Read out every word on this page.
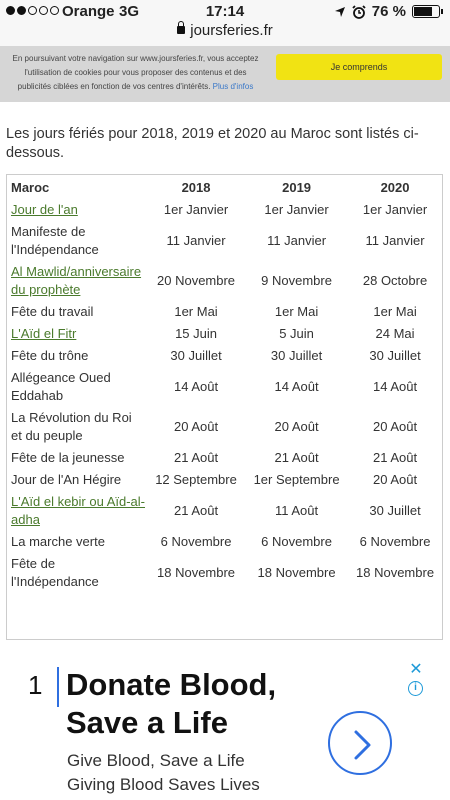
Orange 3G	17:14	76 %
joursferies.fr
En poursuivant votre navigation sur www.joursferies.fr, vous acceptez l'utilisation de cookies pour vous proposer des contenus et des publicités ciblées en fonction de vos centres d'intérêts. Plus d'infos
Je comprends

Les jours fériés pour 2018, 2019 et 2020 au Maroc sont listés ci-dessous.

Maroc	2018	2019	2020
Jour de l'an	1er Janvier	1er Janvier	1er Janvier
Manifeste de l'Indépendance	11 Janvier	11 Janvier	11 Janvier
Al Mawlid/anniversaire du prophète	20 Novembre	9 Novembre	28 Octobre
Fête du travail	1er Mai	1er Mai	1er Mai
L'Aïd el Fitr	15 Juin	5 Juin	24 Mai
Fête du trône	30 Juillet	30 Juillet	30 Juillet
Allégeance Oued Eddahab	14 Août	14 Août	14 Août
La Révolution du Roi et du peuple	20 Août	20 Août	20 Août
Fête de la jeunesse	21 Août	21 Août	21 Août
Jour de l'An Hégire	12 Septembre	1er Septembre	20 Août
L'Aïd el kebir ou Aïd-al-adha	21 Août	11 Août	30 Juillet
La marche verte	6 Novembre	6 Novembre	6 Novembre
Fête de l'Indépendance	18 Novembre	18 Novembre	18 Novembre
1 Donate Blood, Save a Life
Give Blood, Save a Life
Giving Blood Saves Lives
✕
i
